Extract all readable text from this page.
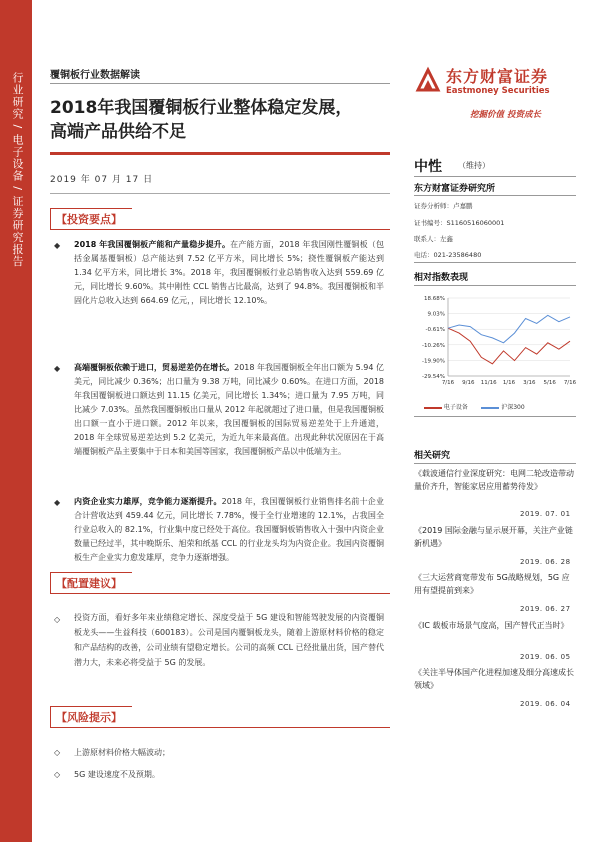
行业研究 / 电子设备 / 证券研究报告	覆铜板行业数据解读
2018年我国覆铜板行业整体稳定发展，
高端产品供给不足
2019 年 07 月 17 日
东方财富证券
Eastmoney Securities
挖掘价值 投资成长
中性 （维持）
东方财富证券研究所
证券分析师：卢嘉鹏
证书编号：S1160516060001
联系人：左鑫
电话：021-23586480
相对指数表现
18.68%
9.03%
-0.61%
-10.26%
-19.90%
-29.54%
7/16 9/16 11/16 1/16 3/16 5/16 7/16
电子设备	沪深300
相关研究
《载波通信行业深度研究：电网二轮改造带动量价齐升，智能家居应用蓄势待发》
2019. 07. 01
《2019 国际金融与显示展开幕，关注产业链新机遇》
2019. 06. 28
《三大运营商宽带发布 5G战略规划，5G 应用有望提前到来》
2019. 06. 27
《IC 载板市场景气度高，国产替代正当时》
2019. 06. 05
《关注半导体国产化进程加速及细分高速成长领域》
2019. 06. 04
【投资要点】
◆ 2018 年我国覆铜板产能和产量稳步提升。在产能方面，2018 年我国刚性覆铜板（包括金属基覆铜板）总产能达到 7.52 亿平方米，同比增长 5%；挠性覆铜板产能达到 1.34 亿平方米，同比增长 3%。2018 年，我国覆铜板行业总销售收入达到 559.69 亿元，同比增长 9.60%。其中刚性 CCL 销售占比最高，达到了 94.8%。我国覆铜板和半固化片总收入达到 664.69 亿元，，同比增长 12.10%。
◆ 高端覆铜板依赖于进口，贸易逆差仍在增长。2018 年我国覆铜板全年出口额为 5.94 亿美元，同比减少 0.36%；出口量为 9.38 万吨，同比减少 0.60%。在进口方面，2018 年我国覆铜板进口额达到 11.15 亿美元，同比增长 1.34%；进口量为 7.95 万吨，同比减少 7.03%。虽然我国覆铜板出口量从 2012 年起就超过了进口量，但是我国覆铜板出口额一直小于进口额。2012 年以来，我国覆铜板的国际贸易逆差处于上升通道，2018 年全球贸易逆差达到 5.2 亿美元，为近九年来最高值。出现此种状况原因在于高端覆铜板产品主要集中于日本和美国等国家，我国覆铜板产品以中低端为主。
◆ 内资企业实力雄厚，竞争能力逐渐提升。2018 年，我国覆铜板行业销售排名前十企业合计营收达到 459.44 亿元，同比增长 7.78%，慢于全行业增速的 12.1%，占我国全行业总收入的 82.1%，行业集中度已经处于高位。我国覆铜板销售收入十强中内资企业数量已经过半，其中晚斯乐、旭荣和纸基 CCL 的行业龙头均为内资企业。我国内资覆铜板生产企业实力愈发雄厚，竞争力逐渐增强。
【配置建议】
◇ 投资方面，看好多年来业绩稳定增长、深度受益于 5G 建设和智能驾驶发展的内资覆铜板龙头——生益科技（600183）。公司是国内覆铜板龙头，随着上游原材料价格的稳定和产品结构的改善，公司业绩有望稳定增长。公司的高频 CCL 已经批量出货，国产替代潜力大，未来必将受益于 5G 的发展。
【风险提示】
◇ 上游原材料价格大幅波动；
◇ 5G 建设速度不及预期。
